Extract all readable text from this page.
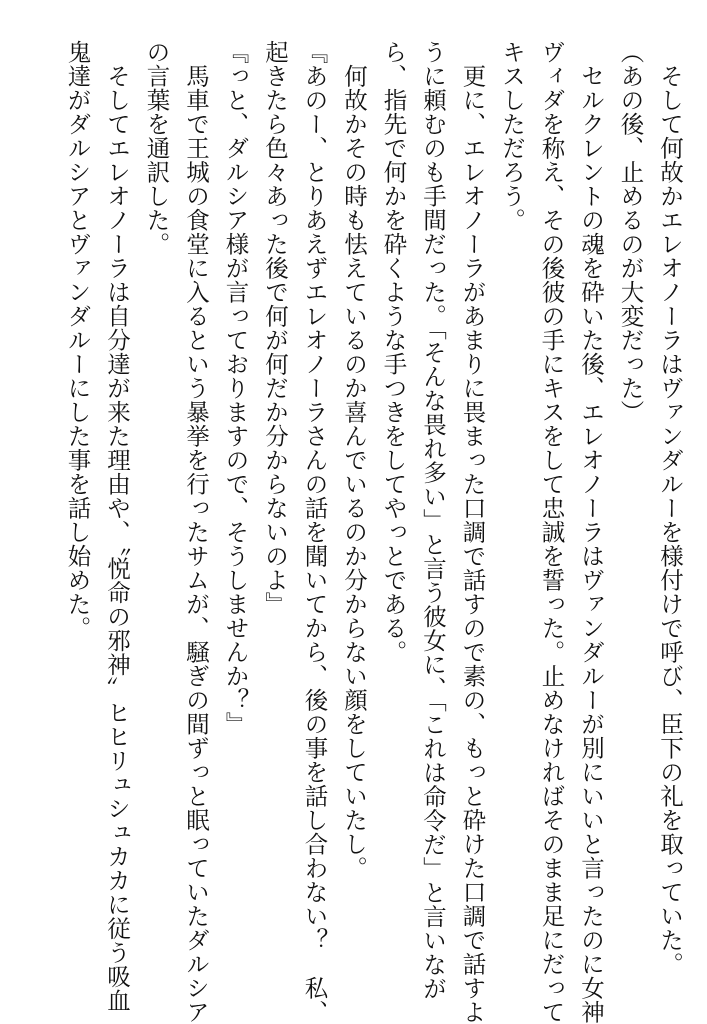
　そして何故かエレオノーラはヴァンダルーを様付けで呼び、臣下の礼を取っていた。
（あの後、止めるのが大変だった）
　セルクレントの魂を砕いた後、エレオノーラはヴァンダルーが別にいいと言ったのに女神
ヴィダを称え、その後彼の手にキスをして忠誠を誓った。止めなければそのまま足にだって
キスしただろう。
　更に、エレオノーラがあまりに畏まった口調で話すので素の、もっと砕けた口調で話すよ
うに頼むのも手間だった。「そんな畏れ多い」と言う彼女に、「これは命令だ」と言いなが
ら、指先で何かを砕くような手つきをしてやっとである。
　何故かその時も怯えているのか喜んでいるのか分からない顔をしていたし。
『あのー、とりあえずエレオノーラさんの話を聞いてから、後の事を話し合わない？　私、
起きたら色々あった後で何が何だか分からないのよ』
『っと、ダルシア様が言っておりますので、そうしませんか？』
　馬車で王城の食堂に入るという暴挙を行ったサムが、騒ぎの間ずっと眠っていたダルシア
の言葉を通訳した。
　そしてエレオノーラは自分達が来た理由や、〝悦命の邪神〟ヒヒリュシュカカに従う吸血
鬼達がダルシアとヴァンダルーにした事を話し始めた。
